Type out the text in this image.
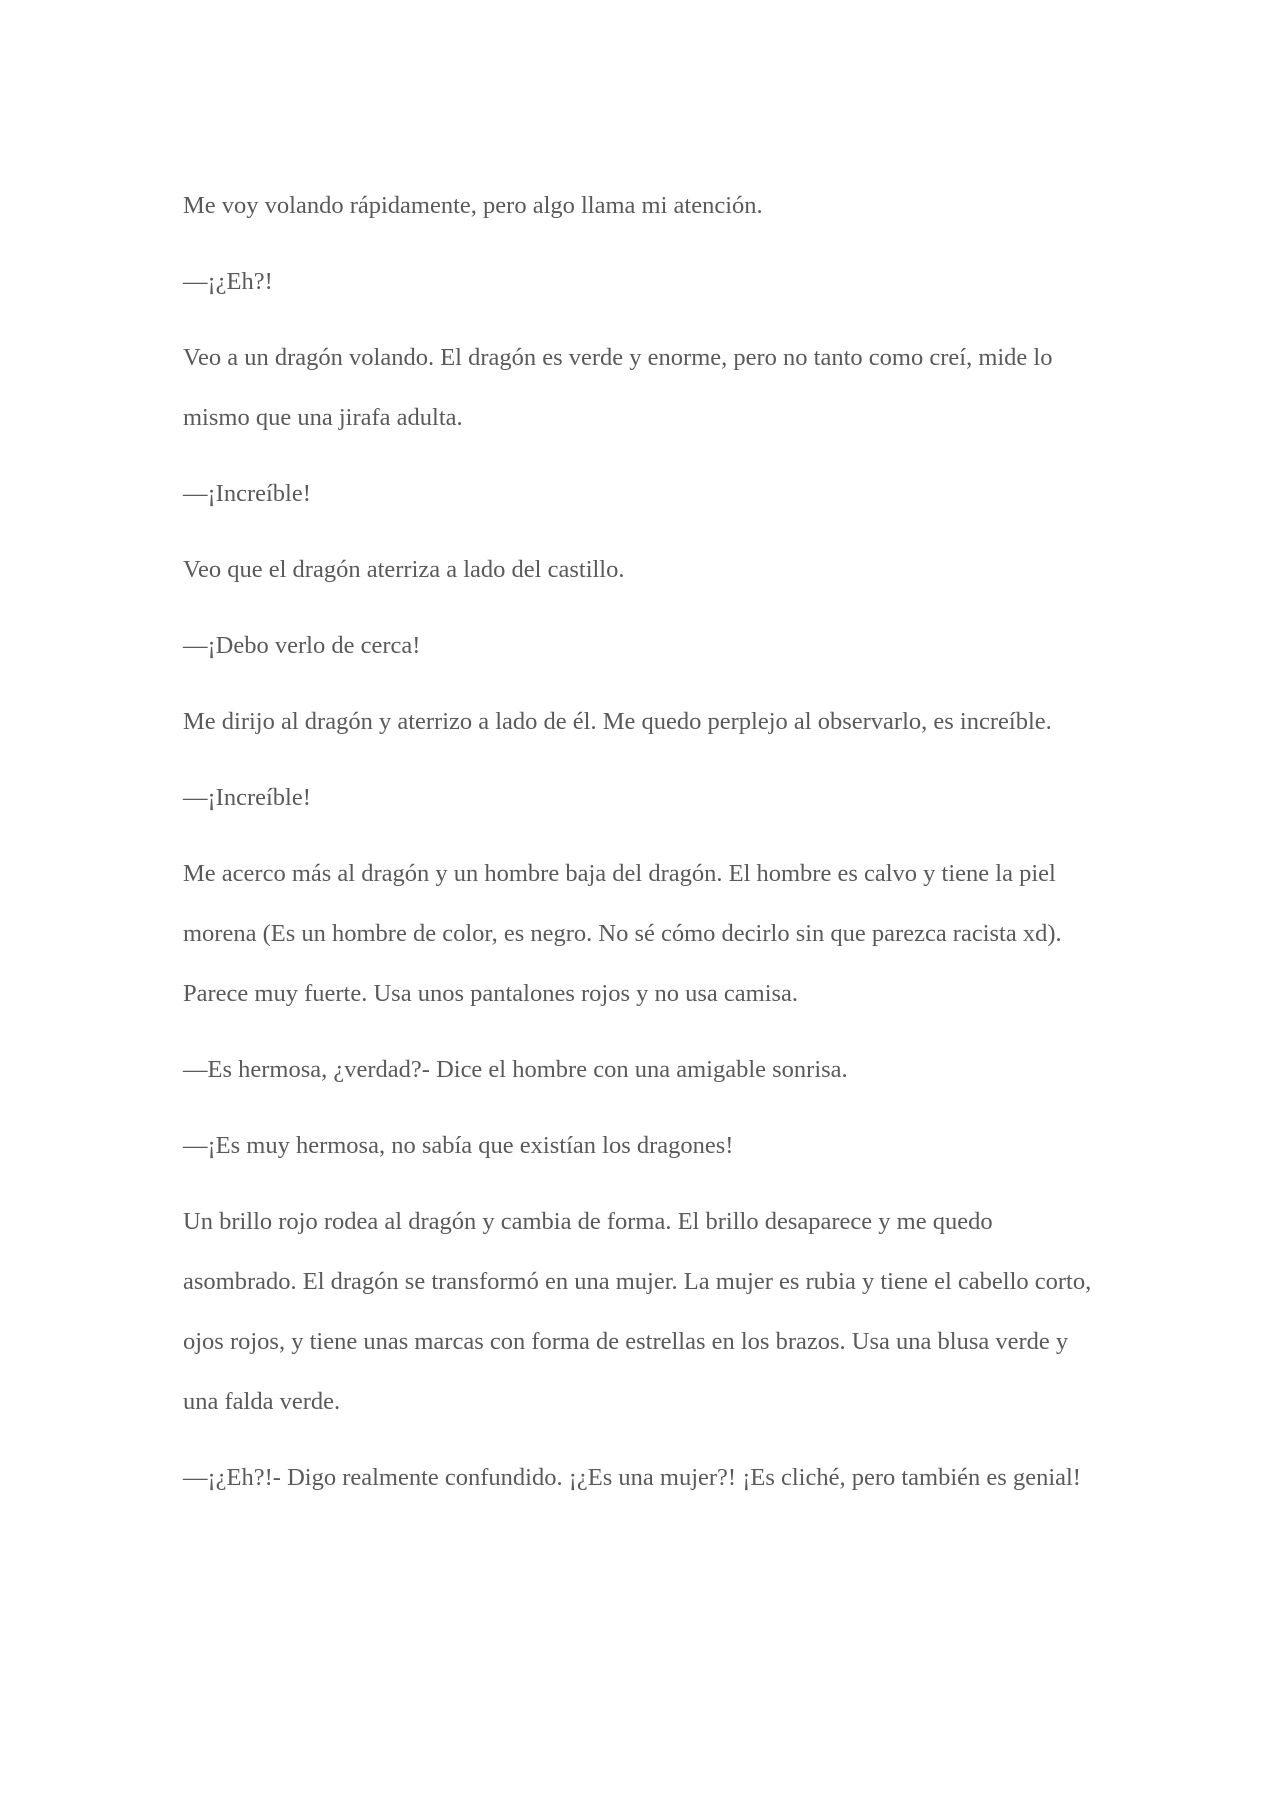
Me voy volando rápidamente, pero algo llama mi atención.

—¡¿Eh?!

Veo a un dragón volando. El dragón es verde y enorme, pero no tanto como creí, mide lo mismo que una jirafa adulta.

—¡Increíble!

Veo que el dragón aterriza a lado del castillo.

—¡Debo verlo de cerca!

Me dirijo al dragón y aterrizo a lado de él. Me quedo perplejo al observarlo, es increíble.

—¡Increíble!

Me acerco más al dragón y un hombre baja del dragón. El hombre es calvo y tiene la piel morena (Es un hombre de color, es negro. No sé cómo decirlo sin que parezca racista xd). Parece muy fuerte. Usa unos pantalones rojos y no usa camisa.

—Es hermosa, ¿verdad?- Dice el hombre con una amigable sonrisa.

—¡Es muy hermosa, no sabía que existían los dragones!

Un brillo rojo rodea al dragón y cambia de forma. El brillo desaparece y me quedo asombrado. El dragón se transformó en una mujer. La mujer es rubia y tiene el cabello corto, ojos rojos, y tiene unas marcas con forma de estrellas en los brazos. Usa una blusa verde y una falda verde.

—¡¿Eh?!- Digo realmente confundido. ¡¿Es una mujer?! ¡Es cliché, pero también es genial!
